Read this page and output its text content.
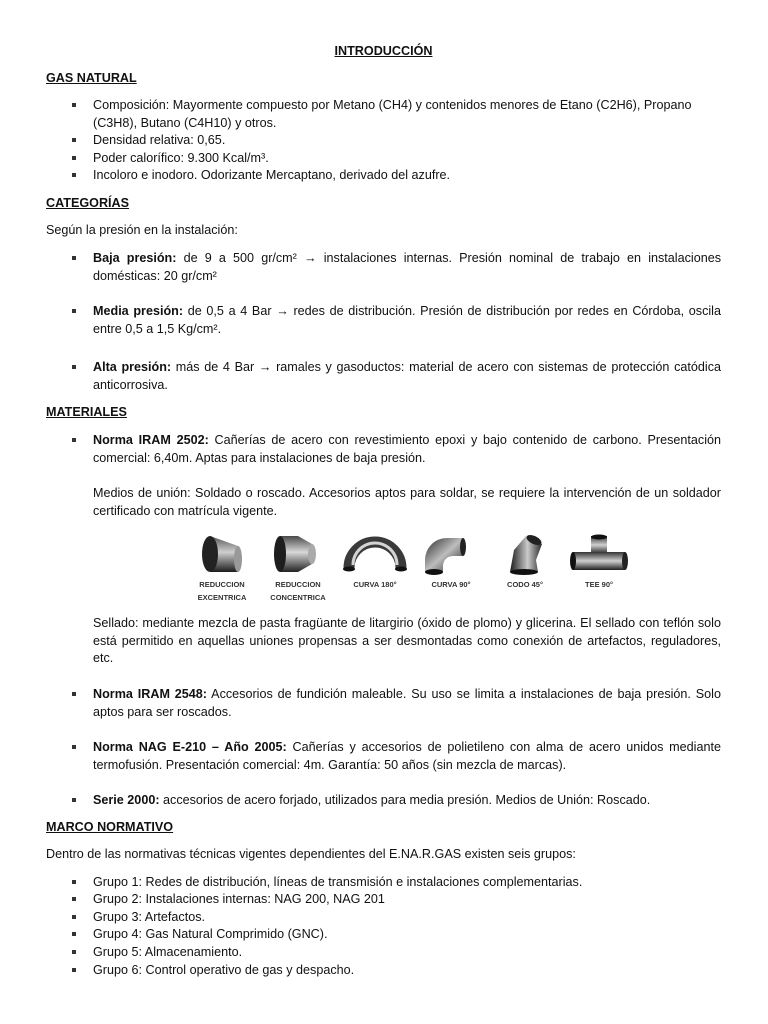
INTRODUCCIÓN
GAS NATURAL
Composición: Mayormente compuesto por Metano (CH4) y contenidos menores de Etano (C2H6), Propano (C3H8), Butano (C4H10) y otros.
Densidad relativa: 0,65.
Poder calorífico: 9.300 Kcal/m³.
Incoloro e inodoro. Odorizante Mercaptano, derivado del azufre.
CATEGORÍAS
Según la presión en la instalación:
Baja presión: de 9 a 500 gr/cm² → instalaciones internas. Presión nominal de trabajo en instalaciones domésticas: 20 gr/cm²
Media presión: de 0,5 a 4 Bar → redes de distribución. Presión de distribución por redes en Córdoba, oscila entre 0,5 a 1,5 Kg/cm².
Alta presión: más de 4 Bar → ramales y gasoductos: material de acero con sistemas de protección catódica anticorrosiva.
MATERIALES
Norma IRAM 2502: Cañerías de acero con revestimiento epoxi y bajo contenido de carbono. Presentación comercial: 6,40m. Aptas para instalaciones de baja presión.
Medios de unión: Soldado o roscado. Accesorios aptos para soldar, se requiere la intervención de un soldador certificado con matrícula vigente.
REDUCCION
EXCENTRICA
REDUCCION
CONCENTRICA
CURVA 180°	CURVA 90°	CODO 45°	TEE 90°
Sellado: mediante mezcla de pasta fragüante de litargirio (óxido de plomo) y glicerina. El sellado con teflón solo está permitido en aquellas uniones propensas a ser desmontadas como conexión de artefactos, reguladores, etc.
Norma IRAM 2548: Accesorios de fundición maleable. Su uso se limita a instalaciones de baja presión. Solo aptos para ser roscados.
Norma NAG E-210 – Año 2005: Cañerías y accesorios de polietileno con alma de acero unidos mediante termofusión. Presentación comercial: 4m. Garantía: 50 años (sin mezcla de marcas).
Serie 2000: accesorios de acero forjado, utilizados para media presión. Medios de Unión: Roscado.
MARCO NORMATIVO
Dentro de las normativas técnicas vigentes dependientes del E.NA.R.GAS existen seis grupos:
Grupo 1: Redes de distribución, líneas de transmisión e instalaciones complementarias.
Grupo 2: Instalaciones internas: NAG 200, NAG 201
Grupo 3: Artefactos.
Grupo 4: Gas Natural Comprimido (GNC).
Grupo 5: Almacenamiento.
Grupo 6: Control operativo de gas y despacho.
